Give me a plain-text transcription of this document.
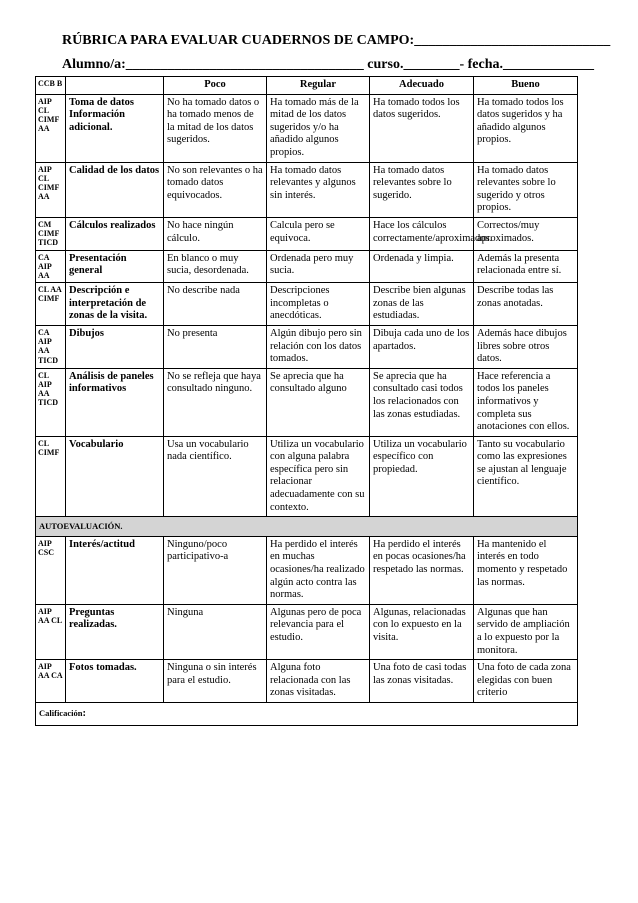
RÚBRICA PARA EVALUAR CUADERNOS DE CAMPO:____________________________
Alumno/a:__________________________________ curso.________- fecha._____________
CCB B		Poco	Regular	Adecuado	Bueno
AIP CL CIMF AA	Toma de datos Información adicional.	No ha tomado datos o ha tomado menos de la mitad de los datos sugeridos.	Ha tomado más de la mitad de los datos sugeridos y/o ha añadido algunos propios.	Ha tomado todos los datos sugeridos.	Ha tomado todos los datos sugeridos y ha añadido algunos propios.
AIP CL CIMF AA	Calidad de los datos	No son relevantes o ha tomado datos equivocados.	Ha tomado datos relevantes y algunos sin interés.	Ha tomado datos relevantes sobre lo sugerido.	Ha tomado datos relevantes sobre lo sugerido y otros propios.
CM CIMF TICD	Cálculos realizados	No hace ningún cálculo.	Calcula pero se equivoca.	Hace los cálculos correctamente/aproximados.	Correctos/muy aproximados.
CA AIP AA	Presentación general	En blanco o muy sucia, desordenada.	Ordenada pero muy sucia.	Ordenada y limpia.	Además la presenta relacionada entre sí.
CL AA CIMF	Descripción e interpretación de zonas de la visita.	No describe nada	Descripciones incompletas o anecdóticas.	Describe bien algunas zonas de las estudiadas.	Describe todas las zonas anotadas.
CA AIP AA TICD	Dibujos	No presenta	Algún dibujo pero sin relación con los datos tomados.	Dibuja cada uno de los apartados.	Además hace dibujos libres sobre otros datos.
CL AIP AA TICD	Análisis de paneles informativos	No se refleja que haya consultado ninguno.	Se aprecia que ha consultado alguno	Se aprecia que ha consultado casi todos los relacionados con las zonas estudiadas.	Hace referencia a todos los paneles informativos y completa sus anotaciones con ellos.
CL CIMF	Vocabulario	Usa un vocabulario nada científico.	Utiliza un vocabulario con alguna palabra específica pero sin relacionar adecuadamente con su contexto.	Utiliza un vocabulario específico con propiedad.	Tanto su vocabulario como las expresiones se ajustan al lenguaje científico.
AUTOEVALUACIÓN.					
AIP CSC	Interés/actitud	Ninguno/poco participativo-a	Ha perdido el interés en muchas ocasiones/ha realizado algún acto contra las normas.	Ha perdido el interés en pocas ocasiones/ha respetado las normas.	Ha mantenido el interés en todo momento y respetado las normas.
AIP AA CL	Preguntas realizadas.	Ninguna	Algunas pero de poca relevancia para el estudio.	Algunas, relacionadas con lo expuesto en la visita.	Algunas que han servido de ampliación a lo expuesto por la monitora.
AIP AA CA	Fotos tomadas.	Ninguna o sin interés para el estudio.	Alguna foto relacionada con las zonas visitadas.	Una foto de casi todas las zonas visitadas.	Una foto de cada zona elegidas con buen criterio
Calificación:					
